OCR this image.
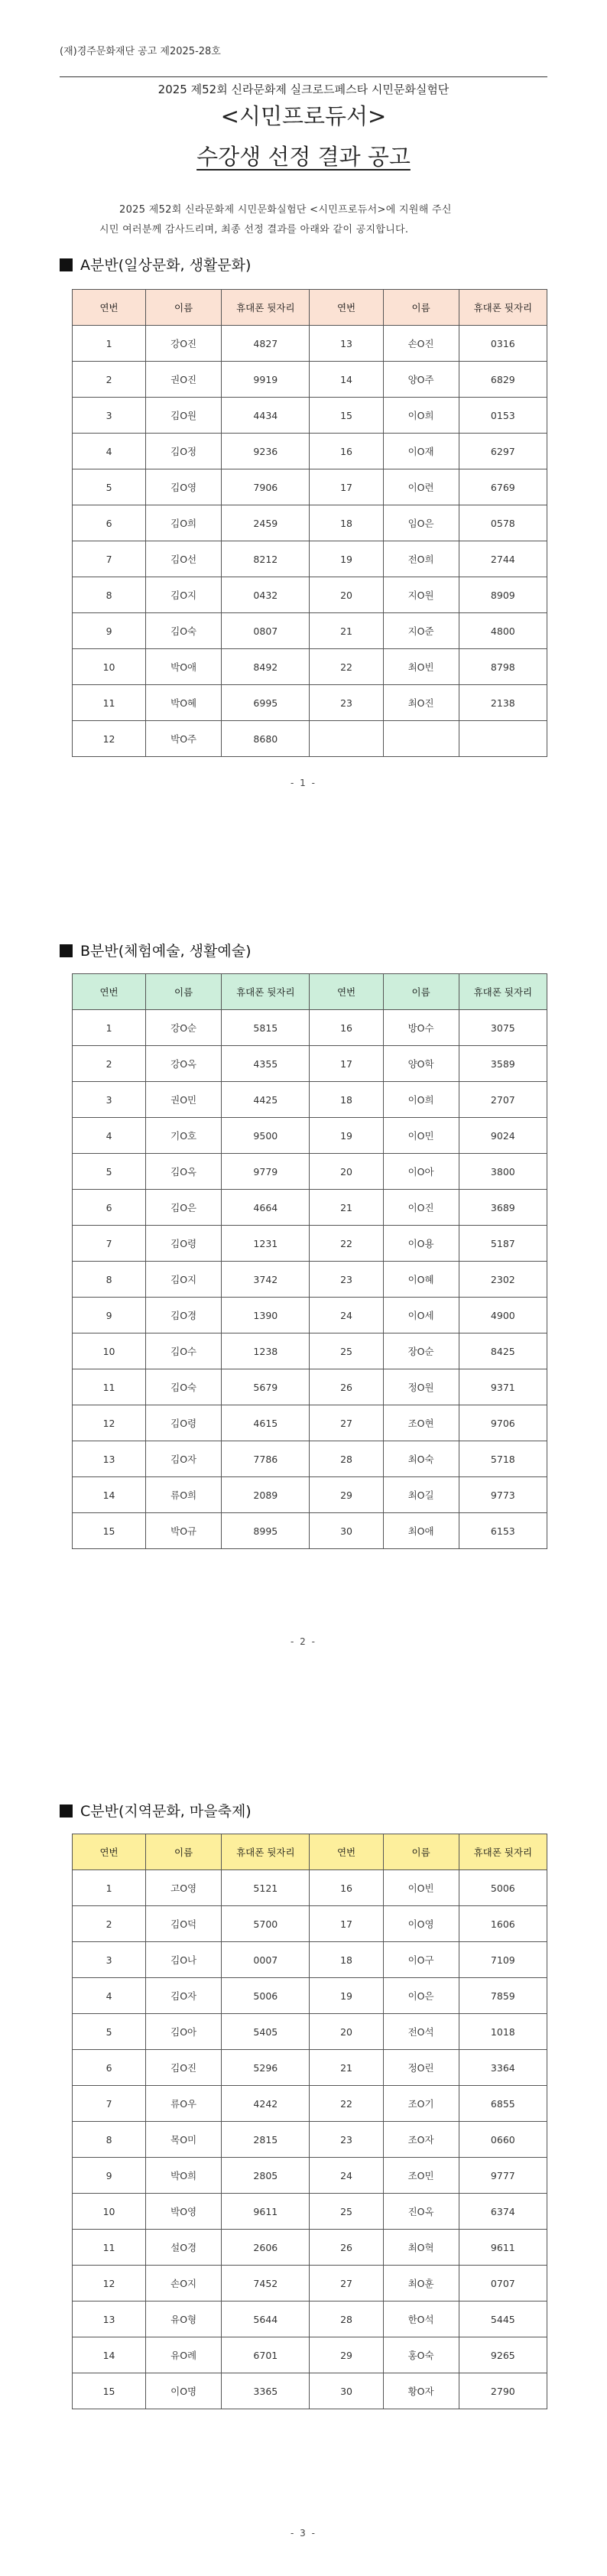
(재)경주문화재단 공고 제2025-28호
2025 제52회 신라문화제 실크로드페스타 시민문화실험단
<시민프로듀서>
수강생 선정 결과 공고

2025 제52회 신라문화제 시민문화실험단 <시민프로듀서>에 지원해 주신

시민 여러분께 감사드리며, 최종 선정 결과를 아래와 같이 공지합니다.

A분반(일상문화, 생활문화)
연번	이름	휴대폰 뒷자리	연번	이름	휴대폰 뒷자리
1	강O진	4827	13	손O진	0316
2	권O진	9919	14	양O주	6829
3	김O원	4434	15	이O희	0153
4	김O정	9236	16	이O재	6297
5	김O영	7906	17	이O련	6769
6	김O희	2459	18	임O은	0578
7	김O선	8212	19	전O희	2744
8	김O지	0432	20	지O원	8909
9	김O숙	0807	21	지O준	4800
10	박O애	8492	22	최O빈	8798
11	박O혜	6995	23	최O진	2138
12	박O주	8680			
- 1 -
B분반(체험예술, 생활예술)
연번	이름	휴대폰 뒷자리	연번	이름	휴대폰 뒷자리
1	강O순	5815	16	방O수	3075
2	강O옥	4355	17	양O학	3589
3	권O민	4425	18	이O희	2707
4	기O호	9500	19	이O민	9024
5	김O옥	9779	20	이O아	3800
6	김O은	4664	21	이O진	3689
7	김O령	1231	22	이O용	5187
8	김O지	3742	23	이O혜	2302
9	김O경	1390	24	이O세	4900
10	김O수	1238	25	장O순	8425
11	김O숙	5679	26	정O원	9371
12	김O령	4615	27	조O현	9706
13	김O자	7786	28	최O숙	5718
14	류O희	2089	29	최O길	9773
15	박O규	8995	30	최O애	6153
- 2 -
C분반(지역문화, 마을축제)
연번	이름	휴대폰 뒷자리	연번	이름	휴대폰 뒷자리
1	고O영	5121	16	이O빈	5006
2	김O덕	5700	17	이O영	1606
3	김O나	0007	18	이O구	7109
4	김O자	5006	19	이O은	7859
5	김O아	5405	20	전O석	1018
6	김O진	5296	21	정O린	3364
7	류O우	4242	22	조O기	6855
8	목O미	2815	23	조O자	0660
9	박O희	2805	24	조O민	9777
10	박O영	9611	25	진O옥	6374
11	설O경	2606	26	최O혁	9611
12	손O지	7452	27	최O훈	0707
13	유O형	5644	28	한O석	5445
14	유O례	6701	29	홍O숙	9265
15	이O명	3365	30	황O자	2790
- 3 -
